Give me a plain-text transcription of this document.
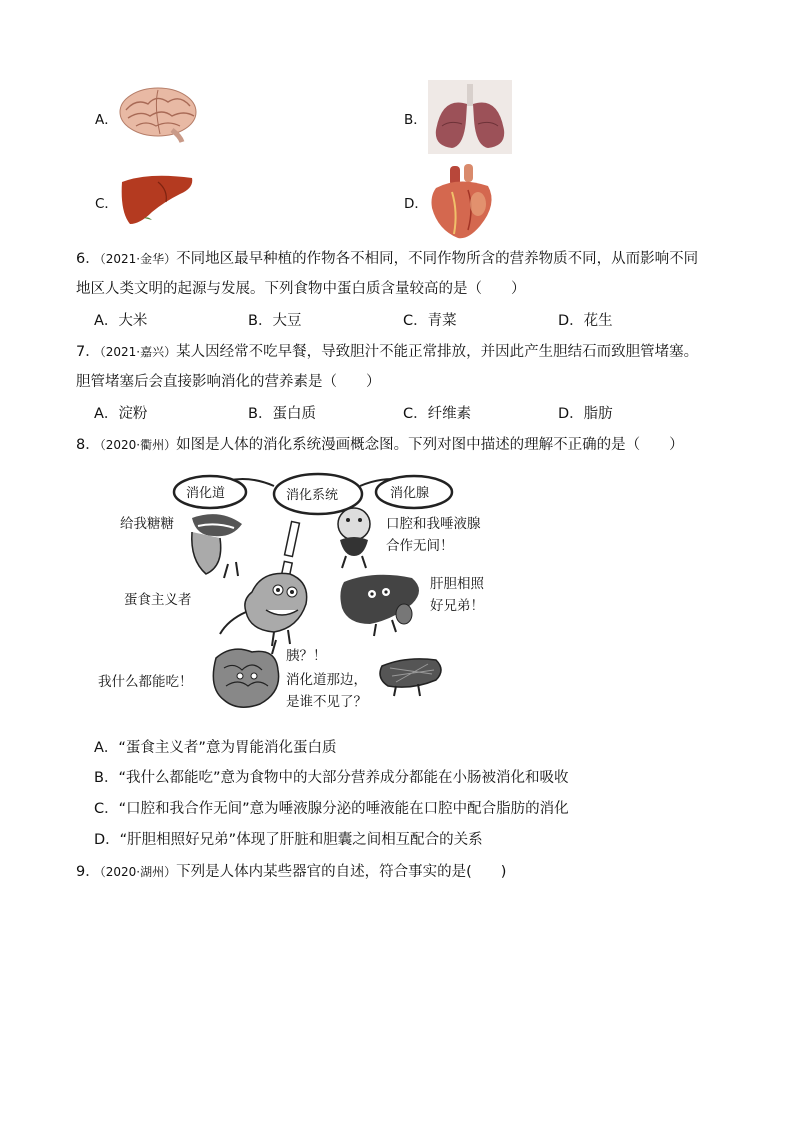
A．	B．
C．	D．
6．（2021·金华）不同地区最早种植的作物各不相同，不同作物所含的营养物质不同，从而影响不同
地区人类文明的起源与发展。下列食物中蛋白质含量较高的是（　　）
A．大米	B．大豆	C．青菜	D．花生
7．（2021·嘉兴）某人因经常不吃早餐，导致胆汁不能正常排放，并因此产生胆结石而致胆管堵塞。
胆管堵塞后会直接影响消化的营养素是（　　）
A．淀粉	B．蛋白质	C．纤维素	D．脂肪
8．（2020·衢州）如图是人体的消化系统漫画概念图。下列对图中描述的理解不正确的是（　　）
消化道	消化系统	消化腺
给我糖糖	口腔和我唾液腺
合作无间！
蛋食主义者
肝胆相照
好兄弟！
我什么都能吃！
胰？！
消化道那边，
是谁不见了？
A．“蛋食主义者”意为胃能消化蛋白质
B．“我什么都能吃”意为食物中的大部分营养成分都能在小肠被消化和吸收
C．“口腔和我合作无间”意为唾液腺分泌的唾液能在口腔中配合脂肪的消化
D．“肝胆相照好兄弟”体现了肝脏和胆囊之间相互配合的关系
9．（2020·湖州）下列是人体内某些器官的自述，符合事实的是(　　)
